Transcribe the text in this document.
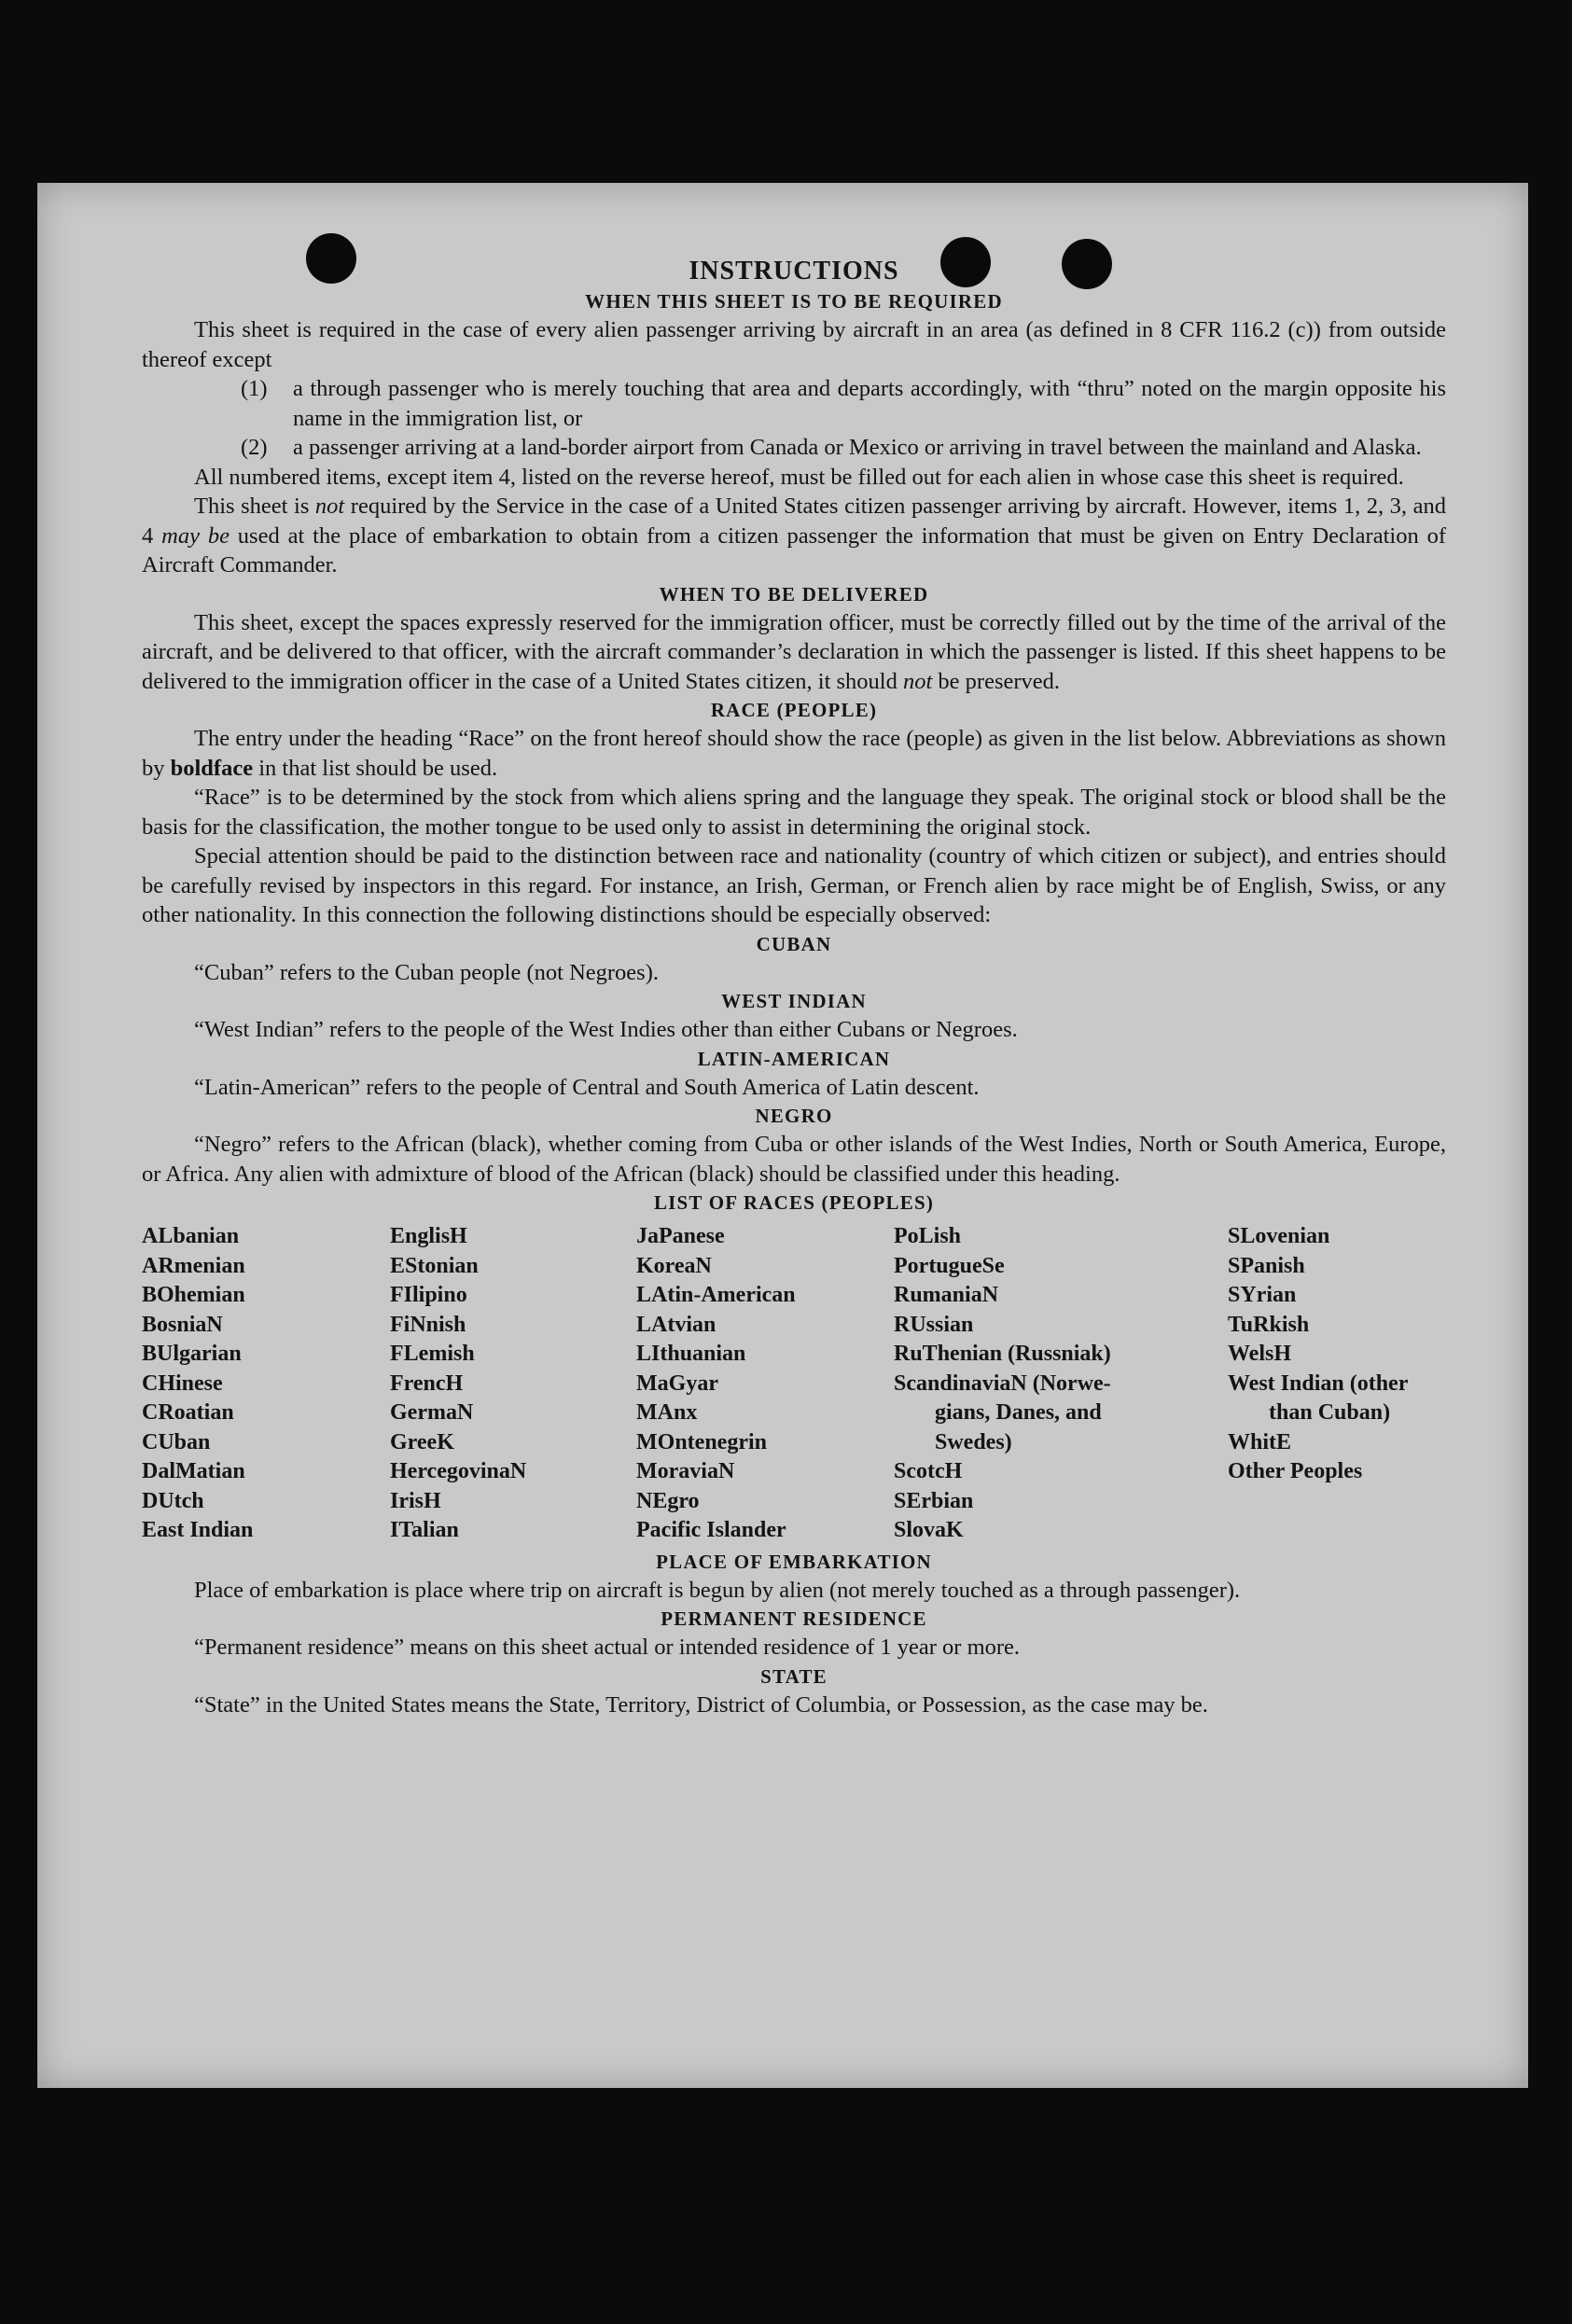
INSTRUCTIONS
WHEN THIS SHEET IS TO BE REQUIRED

This sheet is required in the case of every alien passenger arriving by aircraft in an area (as defined in 8 CFR 116.2 (c)) from outside thereof except

(1)	a through passenger who is merely touching that area and departs accordingly, with “thru” noted on the margin opposite his name in the immigration list, or
(2)	a passenger arriving at a land-border airport from Canada or Mexico or arriving in travel between the mainland and Alaska.

All numbered items, except item 4, listed on the reverse hereof, must be filled out for each alien in whose case this sheet is required.

This sheet is not required by the Service in the case of a United States citizen passenger arriving by aircraft. However, items 1, 2, 3, and 4 may be used at the place of embarkation to obtain from a citizen passenger the information that must be given on Entry Declaration of Aircraft Commander.

WHEN TO BE DELIVERED

This sheet, except the spaces expressly reserved for the immigration officer, must be correctly filled out by the time of the arrival of the aircraft, and be delivered to that officer, with the aircraft commander’s declaration in which the passenger is listed. If this sheet happens to be delivered to the immigration officer in the case of a United States citizen, it should not be preserved.

RACE (PEOPLE)

The entry under the heading “Race” on the front hereof should show the race (people) as given in the list below. Abbreviations as shown by boldface in that list should be used.

“Race” is to be determined by the stock from which aliens spring and the language they speak. The original stock or blood shall be the basis for the classification, the mother tongue to be used only to assist in determining the original stock.

Special attention should be paid to the distinction between race and nationality (country of which citizen or subject), and entries should be carefully revised by inspectors in this regard. For instance, an Irish, German, or French alien by race might be of English, Swiss, or any other nationality. In this connection the following distinctions should be especially observed:

CUBAN

“Cuban” refers to the Cuban people (not Negroes).

WEST INDIAN

“West Indian” refers to the people of the West Indies other than either Cubans or Negroes.

LATIN-AMERICAN

“Latin-American” refers to the people of Central and South America of Latin descent.

NEGRO

“Negro” refers to the African (black), whether coming from Cuba or other islands of the West Indies, North or South America, Europe, or Africa. Any alien with admixture of blood of the African (black) should be classified under this heading.

LIST OF RACES (PEOPLES)
ALbanian
ARmenian
BOhemian
BosniaN
BUlgarian
CHinese
CRoatian
CUban
DalMatian
DUtch
East Indian
EnglisH
EStonian
FIlipino
FiNnish
FLemish
FrencH
GermaN
GreeK
HercegovinaN
IrisH
ITalian
JaPanese
KoreaN
LAtin-American
LAtvian
LIthuanian
MaGyar
MAnx
MOntenegrin
MoraviaN
NEgro
Pacific Islander
PoLish
PortugueSe
RumaniaN
RUssian
RuThenian (Russniak)
ScandinaviaN (Norwe-
gians, Danes, and
Swedes)
ScotcH
SErbian
SlovaK
SLovenian
SPanish
SYrian
TuRkish
WelsH
West Indian (other
than Cuban)
WhitE
Other Peoples
PLACE OF EMBARKATION

Place of embarkation is place where trip on aircraft is begun by alien (not merely touched as a through passenger).

PERMANENT RESIDENCE

“Permanent residence” means on this sheet actual or intended residence of 1 year or more.

STATE

“State” in the United States means the State, Territory, District of Columbia, or Possession, as the case may be.
